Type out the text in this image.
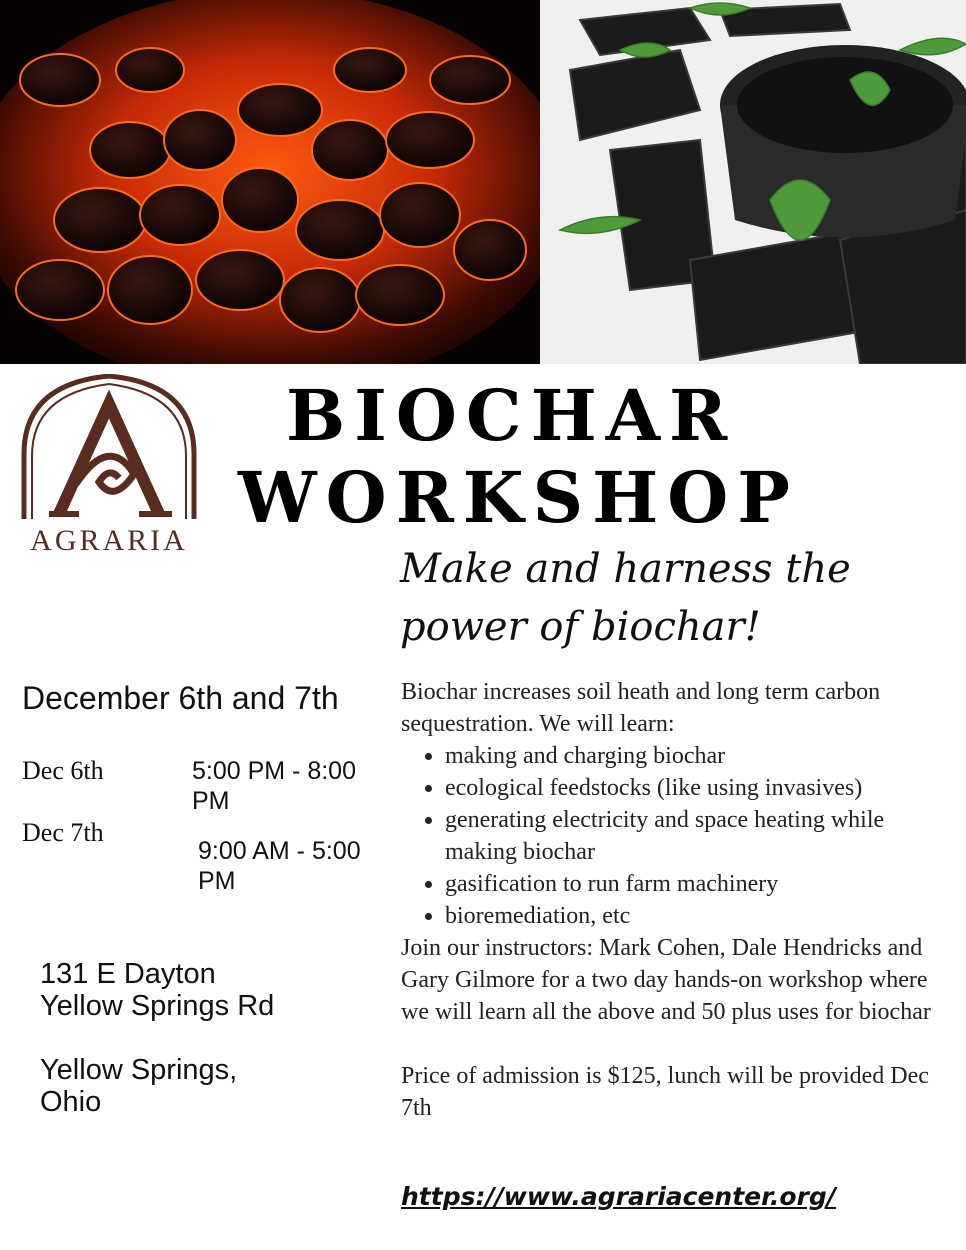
AGRARIA
BIOCHAR
WORKSHOP
Make and harness the power of biochar!
December 6th and 7th
Dec 6th	5:00 PM - 8:00 PM
Dec 7th
9:00 AM - 5:00 PM
131 E Dayton Yellow Springs Rd
Yellow Springs, Ohio

Biochar increases soil heath and long term carbon sequestration. We will learn:

• making and charging biochar
• ecological feedstocks (like using invasives)
• generating electricity and space heating while making biochar
• gasification to run farm machinery
• bioremediation, etc

Join our instructors: Mark Cohen, Dale Hendricks and Gary Gilmore for a two day hands-on workshop where we will learn all the above and 50 plus uses for biochar

Price of admission is $125, lunch will be provided Dec 7th

https://www.agrariacenter.org/
